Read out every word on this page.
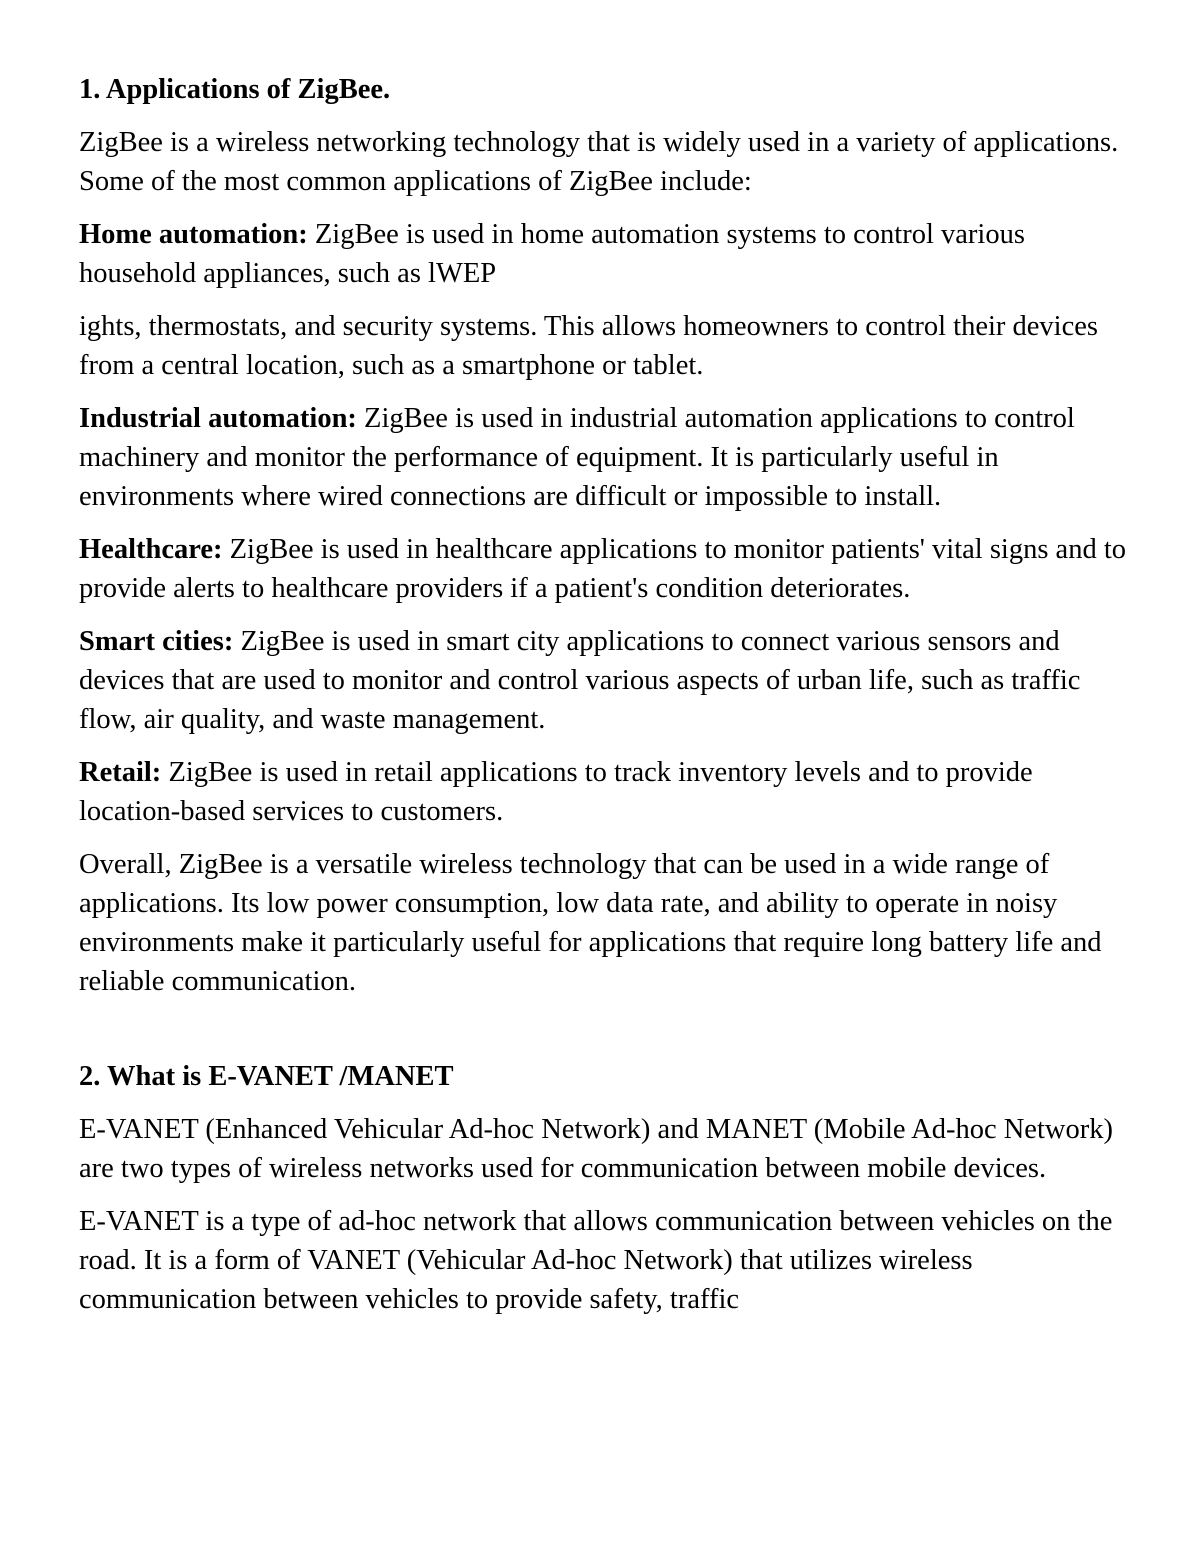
1. Applications of ZigBee.
ZigBee is a wireless networking technology that is widely used in a variety of applications. Some of the most common applications of ZigBee include:
Home automation: ZigBee is used in home automation systems to control various household appliances, such as lWEP
ights, thermostats, and security systems. This allows homeowners to control their devices from a central location, such as a smartphone or tablet.
Industrial automation: ZigBee is used in industrial automation applications to control machinery and monitor the performance of equipment. It is particularly useful in environments where wired connections are difficult or impossible to install.
Healthcare: ZigBee is used in healthcare applications to monitor patients' vital signs and to provide alerts to healthcare providers if a patient's condition deteriorates.
Smart cities: ZigBee is used in smart city applications to connect various sensors and devices that are used to monitor and control various aspects of urban life, such as traffic flow, air quality, and waste management.
Retail: ZigBee is used in retail applications to track inventory levels and to provide location-based services to customers.
Overall, ZigBee is a versatile wireless technology that can be used in a wide range of applications. Its low power consumption, low data rate, and ability to operate in noisy environments make it particularly useful for applications that require long battery life and reliable communication.
2. What is E-VANET /MANET
E-VANET (Enhanced Vehicular Ad-hoc Network) and MANET (Mobile Ad-hoc Network) are two types of wireless networks used for communication between mobile devices.
E-VANET is a type of ad-hoc network that allows communication between vehicles on the road. It is a form of VANET (Vehicular Ad-hoc Network) that utilizes wireless communication between vehicles to provide safety, traffic
